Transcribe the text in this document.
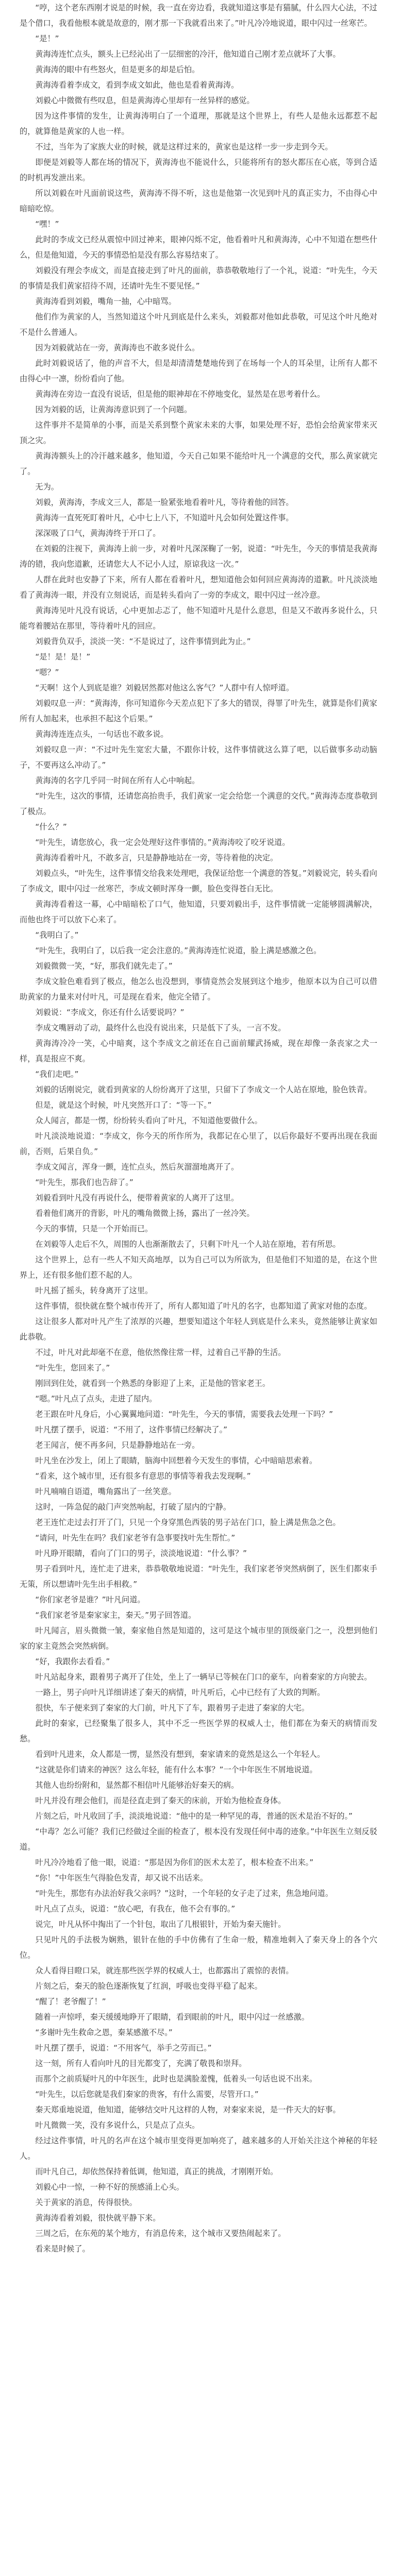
“哼，这个老东西刚才说是的时候，我一直在旁边看，我就知道这事是有猫腻，什么四大心法，不过是个借口，我看他根本就是故意的，刚才那一下我就看出来了。”叶凡冷冷地说道，眼中闪过一丝寒芒。

“是！”

黄海涛连忙点头，额头上已经沁出了一层细密的冷汗，他知道自己刚才差点就坏了大事。

黄海涛的眼中有些怒火，但是更多的却是后怕。

黄海涛看着李成文，看到李成文如此，他也是看着黄海涛。

刘毅心中微微有些叹息，但是黄海涛心里却有一丝异样的感觉。

因为这件事情的发生，让黄海涛明白了一个道理，那就是这个世界上，有些人是他永远都惹不起的，就算他是黄家的人也一样。

不过，当年为了家族大业的时候，就是这样过来的，黄家也是这样一步一步走到今天。

即便是刘毅等人都在场的情况下，黄海涛也不能说什么，只能将所有的怒火都压在心底，等到合适的时机再发泄出来。

所以刘毅在叶凡面前说这些，黄海涛不得不听，这也是他第一次见到叶凡的真正实力，不由得心中暗暗吃惊。

“嘿！”

此时的李成文已经从震惊中回过神来，眼神闪烁不定，他看着叶凡和黄海涛，心中不知道在想些什么，但是他知道，今天的事情恐怕是没有那么容易结束了。

刘毅没有理会李成文，而是直接走到了叶凡的面前，恭恭敬敬地行了一个礼，说道：“叶先生，今天的事情是我们黄家招待不周，还请叶先生不要见怪。”

黄海涛看到刘毅，嘴角一抽，心中暗骂。

他们作为黄家的人，当然知道这个叶凡到底是什么来头，刘毅都对他如此恭敬，可见这个叶凡绝对不是什么普通人。

因为刘毅就站在一旁，黄海涛也不敢多说什么。

此时刘毅说话了，他的声音不大，但是却清清楚楚地传到了在场每一个人的耳朵里，让所有人都不由得心中一凛，纷纷看向了他。

黄海涛在旁边一直没有说话，但是他的眼神却在不停地变化，显然是在思考着什么。

因为刘毅的话，让黄海涛意识到了一个问题。

这件事并不是简单的小事，而是关系到整个黄家未来的大事，如果处理不好，恐怕会给黄家带来灭顶之灾。

黄海涛额头上的冷汗越来越多，他知道，今天自己如果不能给叶凡一个满意的交代，那么黄家就完了。

无为。

刘毅，黄海涛，李成文三人，都是一脸紧张地看着叶凡，等待着他的回答。

黄海涛一直死死盯着叶凡，心中七上八下，不知道叶凡会如何处置这件事。

深深吸了口气，黄海涛终于开口了。

在刘毅的注视下，黄海涛上前一步，对着叶凡深深鞠了一躬，说道：“叶先生，今天的事情是我黄海涛的错，我向您道歉，还请您大人不记小人过，原谅我这一次。”

人群在此时也安静了下来，所有人都在看着叶凡，想知道他会如何回应黄海涛的道歉。叶凡淡淡地看了黄海涛一眼，并没有立刻说话，而是转头看向了一旁的李成文，眼中闪过一丝冷意。

黄海涛见叶凡没有说话，心中更加忐忑了，他不知道叶凡是什么意思，但是又不敢再多说什么，只能弯着腰站在那里，等待着叶凡的回应。

刘毅背负双手，淡淡一笑：“不是说过了，这件事情到此为止。”

“是！是！是！”

“嗯？”

“天啊！这个人到底是谁？刘毅居然都对他这么客气？”人群中有人惊呼道。

刘毅叹息一声：“黄海涛，你可知道你今天差点犯下了多大的错误，得罪了叶先生，就算是你们黄家所有人加起来，也承担不起这个后果。”

黄海涛连连点头，一句话也不敢多说。

刘毅叹息一声：“不过叶先生宽宏大量，不跟你计较，这件事情就这么算了吧，以后做事多动动脑子，不要再这么冲动了。”

黄海涛的名字几乎同一时间在所有人心中响起。

“叶先生，这次的事情，还请您高抬贵手，我们黄家一定会给您一个满意的交代。”黄海涛态度恭敬到了极点。

“什么？”

“叶先生，请您放心，我一定会处理好这件事情的。”黄海涛咬了咬牙说道。

黄海涛看着叶凡，不敢多言，只是静静地站在一旁，等待着他的决定。

刘毅点头，“叶先生，这件事情交给我来处理吧，我保证给您一个满意的答复。”刘毅说完，转头看向了李成文，眼中闪过一丝寒芒，李成文顿时浑身一颤，脸色变得苍白无比。

黄海涛看着这一幕，心中暗暗松了口气，他知道，只要刘毅出手，这件事情就一定能够圆满解决，而他也终于可以放下心来了。

“我明白了。”

“叶先生，我明白了，以后我一定会注意的。”黄海涛连忙说道，脸上满是感激之色。

刘毅微微一笑，“好，那我们就先走了。”

李成文脸色难看到了极点，他怎么也没想到，事情竟然会发展到这个地步，他原本以为自己可以借助黄家的力量来对付叶凡，可是现在看来，他完全错了。

刘毅说：“李成文，你还有什么话要说吗？”

李成文嘴唇动了动，最终什么也没有说出来，只是低下了头，一言不发。

黄海涛冷冷一笑，心中暗爽，这个李成文之前还在自己面前耀武扬威，现在却像一条丧家之犬一样，真是报应不爽。

“我们走吧。”

刘毅的话刚说完，就看到黄家的人纷纷离开了这里，只留下了李成文一个人站在原地，脸色铁青。

但是，就是这个时候，叶凡突然开口了：“等一下。”

众人闻言，都是一愣，纷纷转头看向了叶凡，不知道他要做什么。

叶凡淡淡地说道：“李成文，你今天的所作所为，我都记在心里了，以后你最好不要再出现在我面前，否则，后果自负。”

李成文闻言，浑身一颤，连忙点头，然后灰溜溜地离开了。

“叶先生，那我们也告辞了。”

刘毅看到叶凡没有再说什么，便带着黄家的人离开了这里。

看着他们离开的背影，叶凡的嘴角微微上扬，露出了一丝冷笑。

今天的事情，只是一个开始而已。

在刘毅等人走后不久，周围的人也渐渐散去了，只剩下叶凡一个人站在原地，若有所思。

这个世界上，总有一些人不知天高地厚，以为自己可以为所欲为，但是他们不知道的是，在这个世界上，还有很多他们惹不起的人。

叶凡摇了摇头，转身离开了这里。

这件事情，很快就在整个城市传开了，所有人都知道了叶凡的名字，也都知道了黄家对他的态度。

这让很多人都对叶凡产生了浓厚的兴趣，想要知道这个年轻人到底是什么来头，竟然能够让黄家如此恭敬。

不过，叶凡对此却毫不在意，他依然像往常一样，过着自己平静的生活。

“叶先生，您回来了。”

刚回到住处，就看到一个熟悉的身影迎了上来，正是他的管家老王。

“嗯。”叶凡点了点头，走进了屋内。

老王跟在叶凡身后，小心翼翼地问道：“叶先生，今天的事情，需要我去处理一下吗？”

叶凡摆了摆手，说道：“不用了，这件事情已经解决了。”

老王闻言，便不再多问，只是静静地站在一旁。

叶凡坐在沙发上，闭上了眼睛，脑海中回想着今天发生的事情，心中暗暗思索着。

“看来，这个城市里，还有很多有意思的事情等着我去发现啊。”

叶凡喃喃自语道，嘴角露出了一丝笑意。

这时，一阵急促的敲门声突然响起，打破了屋内的宁静。

老王连忙走过去打开了门，只见一个身穿黑色西装的男子站在门口，脸上满是焦急之色。

“请问，叶先生在吗？我们家老爷有急事要找叶先生帮忙。”

叶凡睁开眼睛，看向了门口的男子，淡淡地说道：“什么事？”

男子看到叶凡，连忙走了进来，恭恭敬敬地说道：“叶先生，我们家老爷突然病倒了，医生们都束手无策，所以想请叶先生出手相救。”

“你们家老爷是谁？”叶凡问道。

“我们家老爷是秦家家主，秦天。”男子回答道。

叶凡闻言，眉头微微一皱，秦家他自然是知道的，这可是这个城市里的顶级豪门之一，没想到他们家的家主竟然会突然病倒。

“好，我跟你去看看。”

叶凡站起身来，跟着男子离开了住处，坐上了一辆早已等候在门口的豪车，向着秦家的方向驶去。

一路上，男子向叶凡详细讲述了秦天的病情，叶凡听后，心中已经有了大致的判断。

很快，车子便来到了秦家的大门前，叶凡下了车，跟着男子走进了秦家的大宅。

此时的秦家，已经聚集了很多人，其中不乏一些医学界的权威人士，他们都在为秦天的病情而发愁。

看到叶凡进来，众人都是一愣，显然没有想到，秦家请来的竟然是这么一个年轻人。

“这就是你们请来的神医？这么年轻，能有什么本事？”一个中年医生不屑地说道。

其他人也纷纷附和，显然都不相信叶凡能够治好秦天的病。

叶凡并没有理会他们，而是径直走到了秦天的床前，开始为他检查身体。

片刻之后，叶凡收回了手，淡淡地说道：“他中的是一种罕见的毒，普通的医术是治不好的。”

“中毒？怎么可能？我们已经做过全面的检查了，根本没有发现任何中毒的迹象。”中年医生立刻反驳道。

叶凡冷冷地看了他一眼，说道：“那是因为你们的医术太差了，根本检查不出来。”

“你！”中年医生气得脸色发青，却又说不出话来。

“叶先生，那您有办法治好我父亲吗？”这时，一个年轻的女子走了过来，焦急地问道。

叶凡点了点头，说道：“放心吧，有我在，他不会有事的。”

说完，叶凡从怀中掏出了一个针包，取出了几根银针，开始为秦天施针。

只见叶凡的手法极为娴熟，银针在他的手中仿佛有了生命一般，精准地刺入了秦天身上的各个穴位。

众人看得目瞪口呆，就连那些医学界的权威人士，也都露出了震惊的表情。

片刻之后，秦天的脸色逐渐恢复了红润，呼吸也变得平稳了起来。

“醒了！老爷醒了！”

随着一声惊呼，秦天缓缓地睁开了眼睛，看到眼前的叶凡，眼中闪过一丝感激。

“多谢叶先生救命之恩，秦某感激不尽。”

叶凡摆了摆手，说道：“不用客气，举手之劳而已。”

这一刻，所有人看向叶凡的目光都变了，充满了敬畏和崇拜。

而那个之前质疑叶凡的中年医生，此时也是满脸羞愧，低着头一句话也说不出来。

“叶先生，以后您就是我们秦家的贵客，有什么需要，尽管开口。”

秦天郑重地说道，他知道，能够结交叶凡这样的人物，对秦家来说，是一件天大的好事。

叶凡微微一笑，没有多说什么，只是点了点头。

经过这件事情，叶凡的名声在这个城市里变得更加响亮了，越来越多的人开始关注这个神秘的年轻人。

而叶凡自己，却依然保持着低调，他知道，真正的挑战，才刚刚开始。

刘毅心中一惊，一种不好的预感涌上心头。

关于黄家的消息，传得很快。

黄海涛看着刘毅，很快就平静下来。

三周之后，在东苑的某个地方，有消息传来，这个城市又要热闹起来了。

看来是时候了。
